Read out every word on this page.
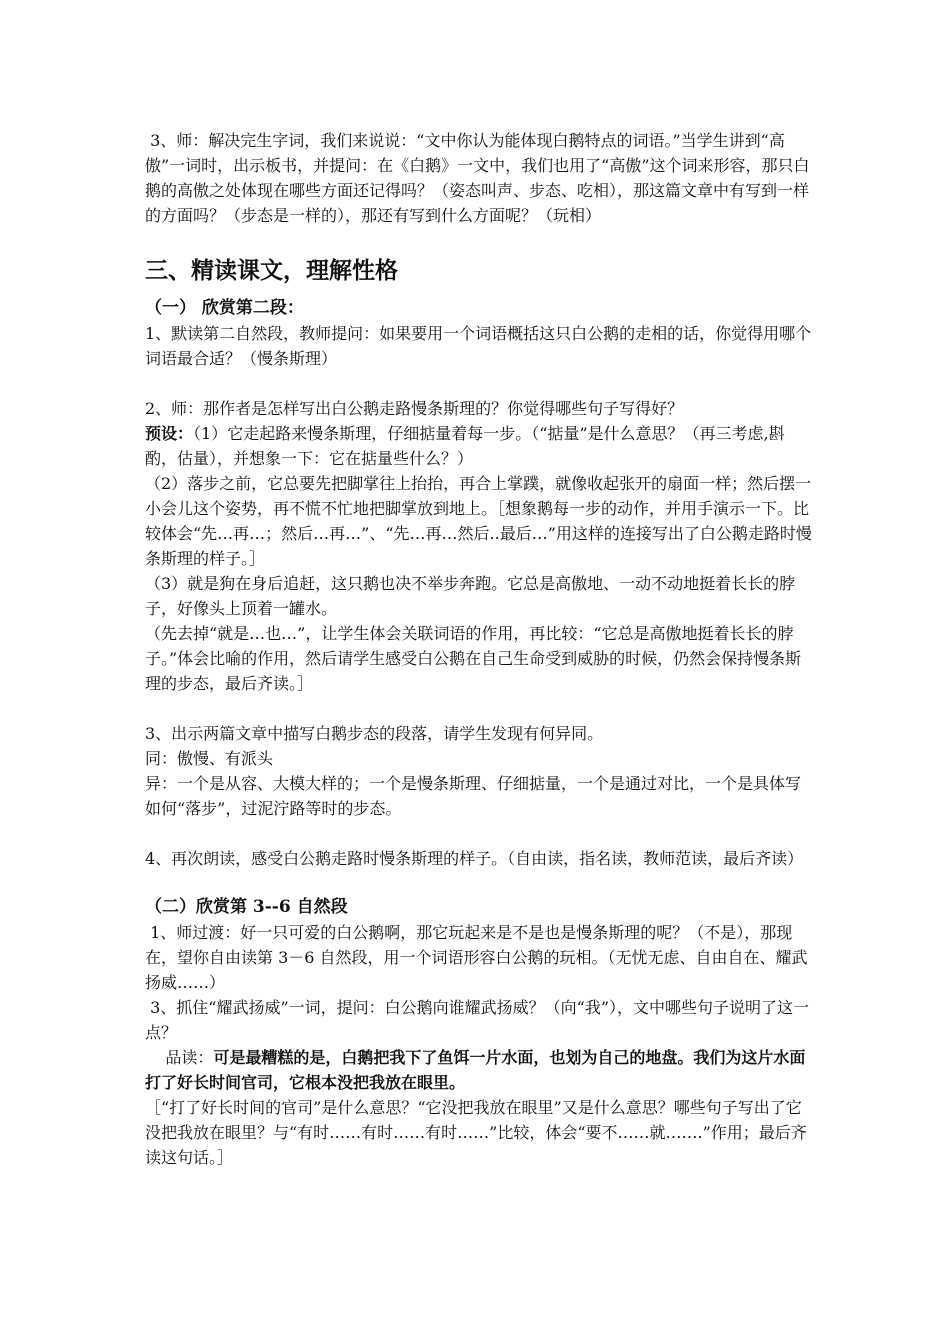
3、师：解决完生字词，我们来说说：“文中你认为能体现白鹅特点的词语。”当学生讲到“高傲”一词时，出示板书，并提问：在《白鹅》一文中，我们也用了“高傲”这个词来形容，那只白鹅的高傲之处体现在哪些方面还记得吗？（姿态叫声、步态、吃相），那这篇文章中有写到一样的方面吗？（步态是一样的），那还有写到什么方面呢？（玩相）

三、精读课文，理解性格
（一） 欣赏第二段：

1、默读第二自然段，教师提问：如果要用一个词语概括这只白公鹅的走相的话，你觉得用哪个词语最合适？（慢条斯理）

2、师：那作者是怎样写出白公鹅走路慢条斯理的？你觉得哪些句子写得好？

预设：（1）它走起路来慢条斯理，仔细掂量着每一步。（“掂量”是什么意思？（再三考虑,斟酌，估量），并想象一下：它在掂量些什么？）

（2）落步之前，它总要先把脚掌往上抬抬，再合上掌蹼，就像收起张开的扇面一样；然后摆一小会儿这个姿势，再不慌不忙地把脚掌放到地上。［想象鹅每一步的动作，并用手演示一下。比较体会“先…再…；然后…再…”、“先…再…然后..最后…”用这样的连接写出了白公鹅走路时慢条斯理的样子。］

（3）就是狗在身后追赶，这只鹅也决不举步奔跑。它总是高傲地、一动不动地挺着长长的脖子，好像头上顶着一罐水。

（先去掉“就是…也…”，让学生体会关联词语的作用，再比较：“它总是高傲地挺着长长的脖子。”体会比喻的作用，然后请学生感受白公鹅在自己生命受到威胁的时候，仍然会保持慢条斯理的步态，最后齐读。］

3、出示两篇文章中描写白鹅步态的段落，请学生发现有何异同。

同：傲慢、有派头

异：一个是从容、大模大样的；一个是慢条斯理、仔细掂量，一个是通过对比，一个是具体写如何“落步”，过泥泞路等时的步态。

4、再次朗读，感受白公鹅走路时慢条斯理的样子。（自由读，指名读，教师范读，最后齐读）

（二）欣赏第 3--6 自然段

1、师过渡：好一只可爱的白公鹅啊，那它玩起来是不是也是慢条斯理的呢？（不是），那现在，望你自由读第 3－6 自然段，用一个词语形容白公鹅的玩相。（无忧无虑、自由自在、耀武扬威……）

3、抓住“耀武扬威”一词，提问：白公鹅向谁耀武扬威？（向“我”），文中哪些句子说明了这一点？

品读：可是最糟糕的是，白鹅把我下了鱼饵一片水面，也划为自己的地盘。我们为这片水面打了好长时间官司，它根本没把我放在眼里。

［“打了好长时间的官司”是什么意思？“它没把我放在眼里”又是什么意思？哪些句子写出了它没把我放在眼里？与“有时……有时……有时……”比较，体会“要不……就…….”作用；最后齐读这句话。］
